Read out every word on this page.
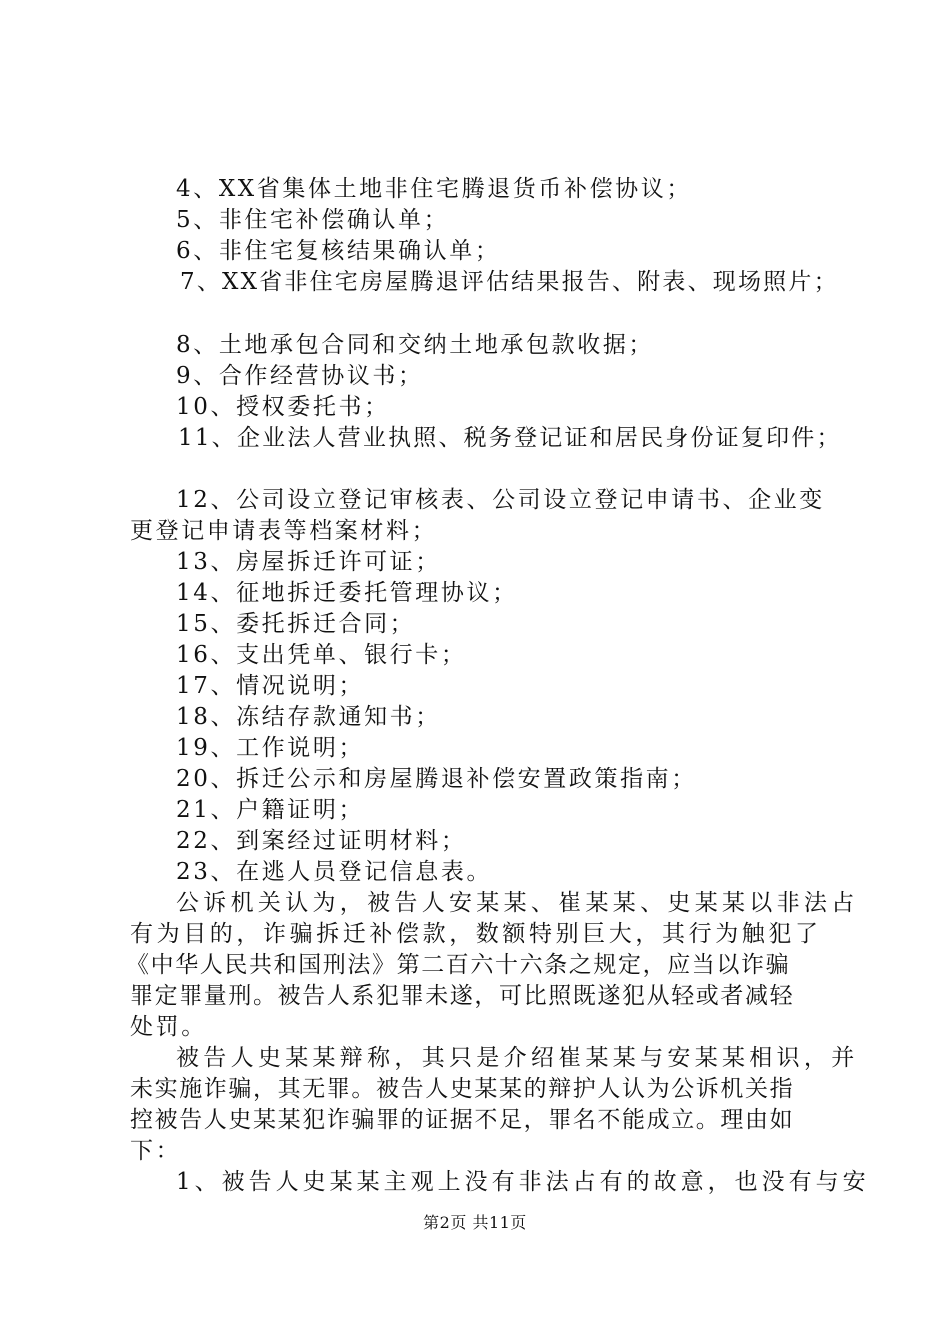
4、XX省集体土地非住宅腾退货币补偿协议；
5、非住宅补偿确认单；
6、非住宅复核结果确认单；
7、XX省非住宅房屋腾退评估结果报告、附表、现场照片；
8、土地承包合同和交纳土地承包款收据；
9、合作经营协议书；
10、授权委托书；
11、企业法人营业执照、税务登记证和居民身份证复印件；
12、公司设立登记审核表、公司设立登记申请书、企业变
更登记申请表等档案材料；
13、房屋拆迁许可证；
14、征地拆迁委托管理协议；
15、委托拆迁合同；
16、支出凭单、银行卡；
17、情况说明；
18、冻结存款通知书；
19、工作说明；
20、拆迁公示和房屋腾退补偿安置政策指南；
21、户籍证明；
22、到案经过证明材料；
23、在逃人员登记信息表。
公诉机关认为，被告人安某某、崔某某、史某某以非法占
有为目的，诈骗拆迁补偿款，数额特别巨大，其行为触犯了
《中华人民共和国刑法》第二百六十六条之规定，应当以诈骗
罪定罪量刑。被告人系犯罪未遂，可比照既遂犯从轻或者减轻
处罚。
被告人史某某辩称，其只是介绍崔某某与安某某相识，并
未实施诈骗，其无罪。被告人史某某的辩护人认为公诉机关指
控被告人史某某犯诈骗罪的证据不足，罪名不能成立。理由如
下：
1、被告人史某某主观上没有非法占有的故意，也没有与安
第2页 共11页
